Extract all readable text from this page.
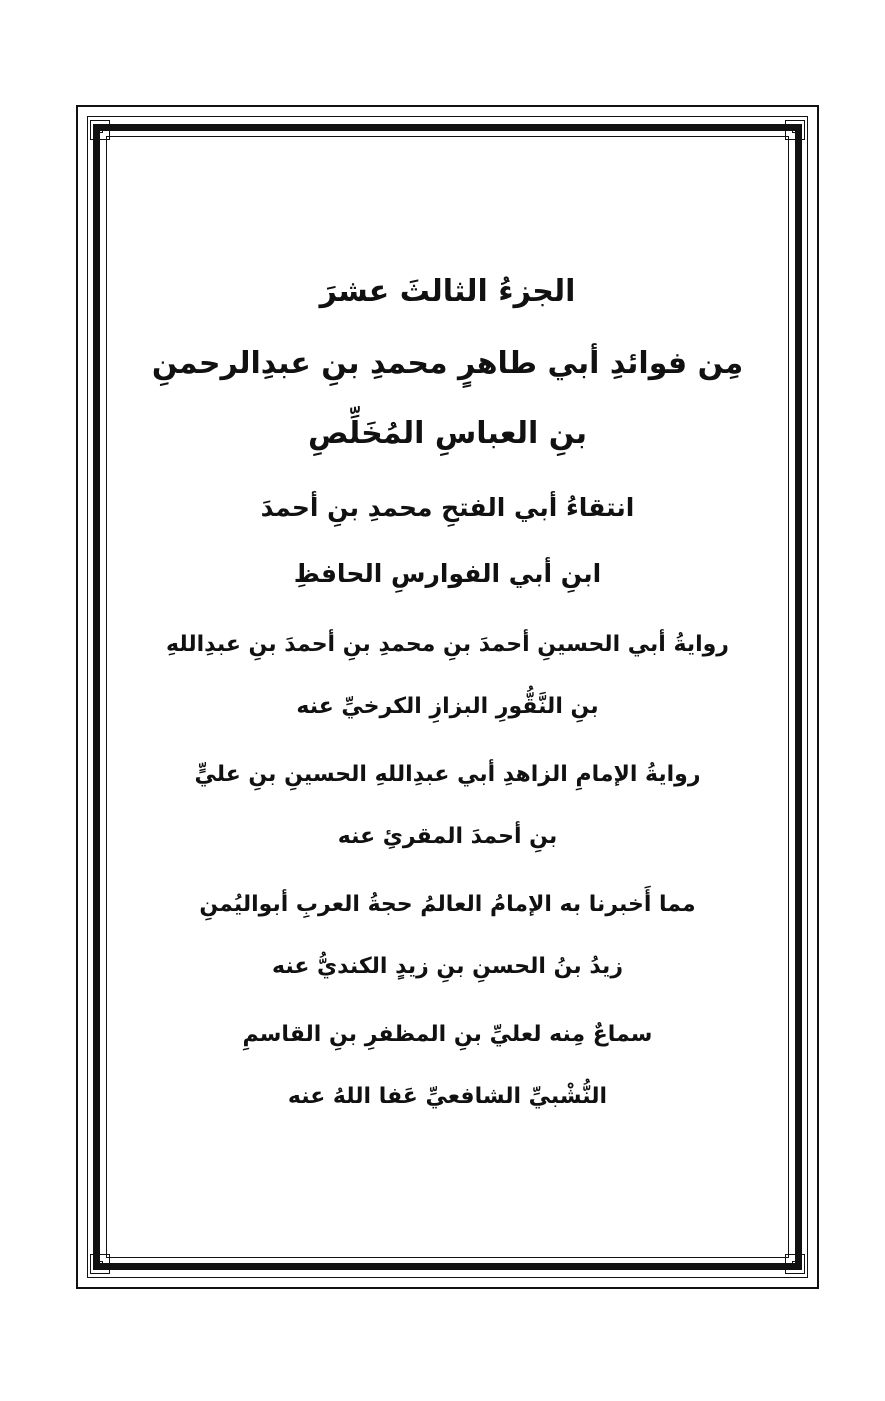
الجزءُ الثالثَ عشرَ
مِن فوائدِ أبي طاهرٍ محمدِ بنِ عبدِالرحمنِ
بنِ العباسِ المُخَلِّصِ
انتقاءُ أبي الفتحِ محمدِ بنِ أحمدَ
ابنِ أبي الفوارسِ الحافظِ
روايةُ أبي الحسينِ أحمدَ بنِ محمدِ بنِ أحمدَ بنِ عبدِاللهِ
بنِ النَّقُّورِ البزازِ الكرخيِّ عنه
روايةُ الإمامِ الزاهدِ أبي عبدِاللهِ الحسينِ بنِ عليٍّ
بنِ أحمدَ المقرئِ عنه
مما أَخبرنا به الإمامُ العالمُ حجةُ العربِ أبواليُمنِ
زيدُ بنُ الحسنِ بنِ زيدٍ الكنديُّ عنه
سماعٌ مِنه لعليِّ بنِ المظفرِ بنِ القاسمِ
النُّشْبيِّ الشافعيِّ عَفا اللهُ عنه
